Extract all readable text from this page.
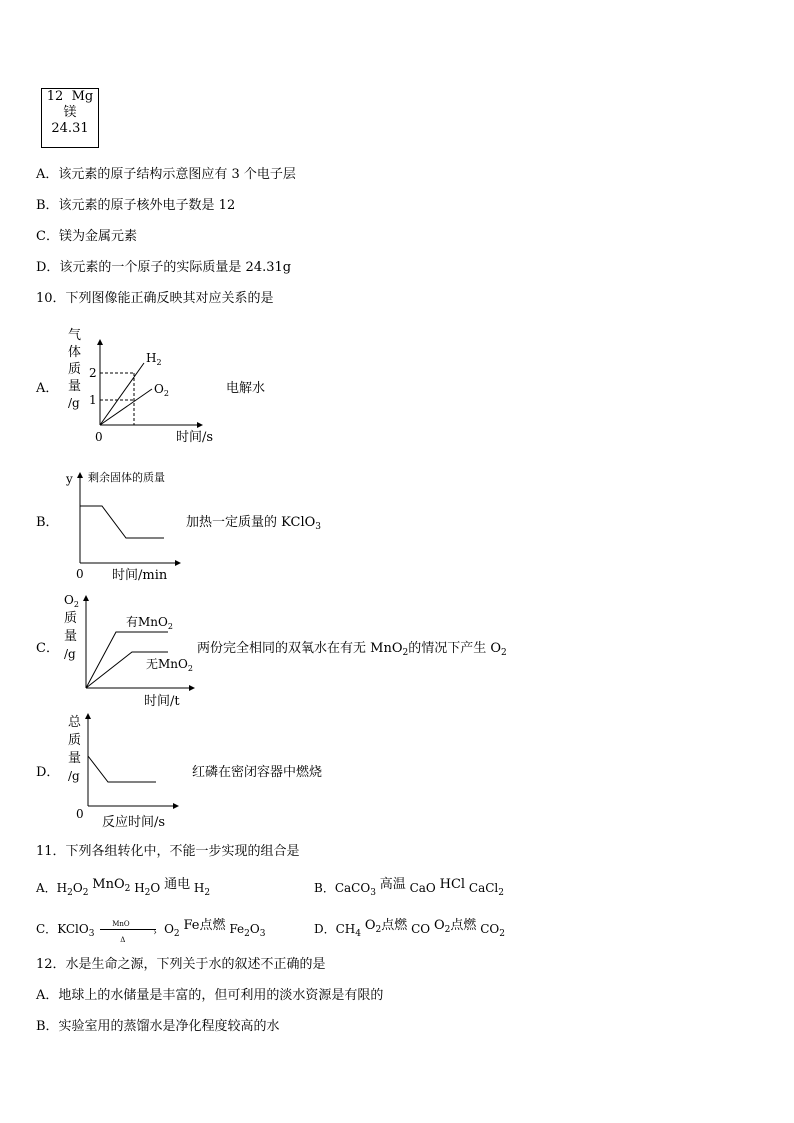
12 Mg
镁
24.31
A．该元素的原子结构示意图应有 3 个电子层
B．该元素的原子核外电子数是 12
C．镁为金属元素
D．该元素的一个原子的实际质量是 24.31g
10．下列图像能正确反映其对应关系的是
A．
气
体
质
量
/g
2
1
0
$H_2$
$O_2$
时间/s
电解水
B．
y 剩余固体的质量
0 时间/min
加热一定质量的 KClO$_3$
C．
$O_2$
质
量
/g
有MnO$_2$
无MnO$_2$
时间/t
两份完全相同的双氧水在有无 MnO$_2$的情况下产生 $O_2$
D．
总
质
量
/g
0
反应时间/s
红磷在密闭容器中燃烧
11．下列各组转化中，不能一步实现的组合是
A．$H_2O_2$ MnO$_2$ $H_2O$ 通电 $H_2$	B．CaCO$_3$ 高温 CaO HCl CaCl$_2$
C．KClO$_3$
MnO
Δ
› $O_2$ Fe点燃 $Fe_2O_3$	D．$CH_4$ $O_2$点燃 CO $O_2$点燃 $CO_2$
12．水是生命之源，下列关于水的叙述不正确的是
A．地球上的水储量是丰富的，但可利用的淡水资源是有限的
B．实验室用的蒸馏水是净化程度较高的水
